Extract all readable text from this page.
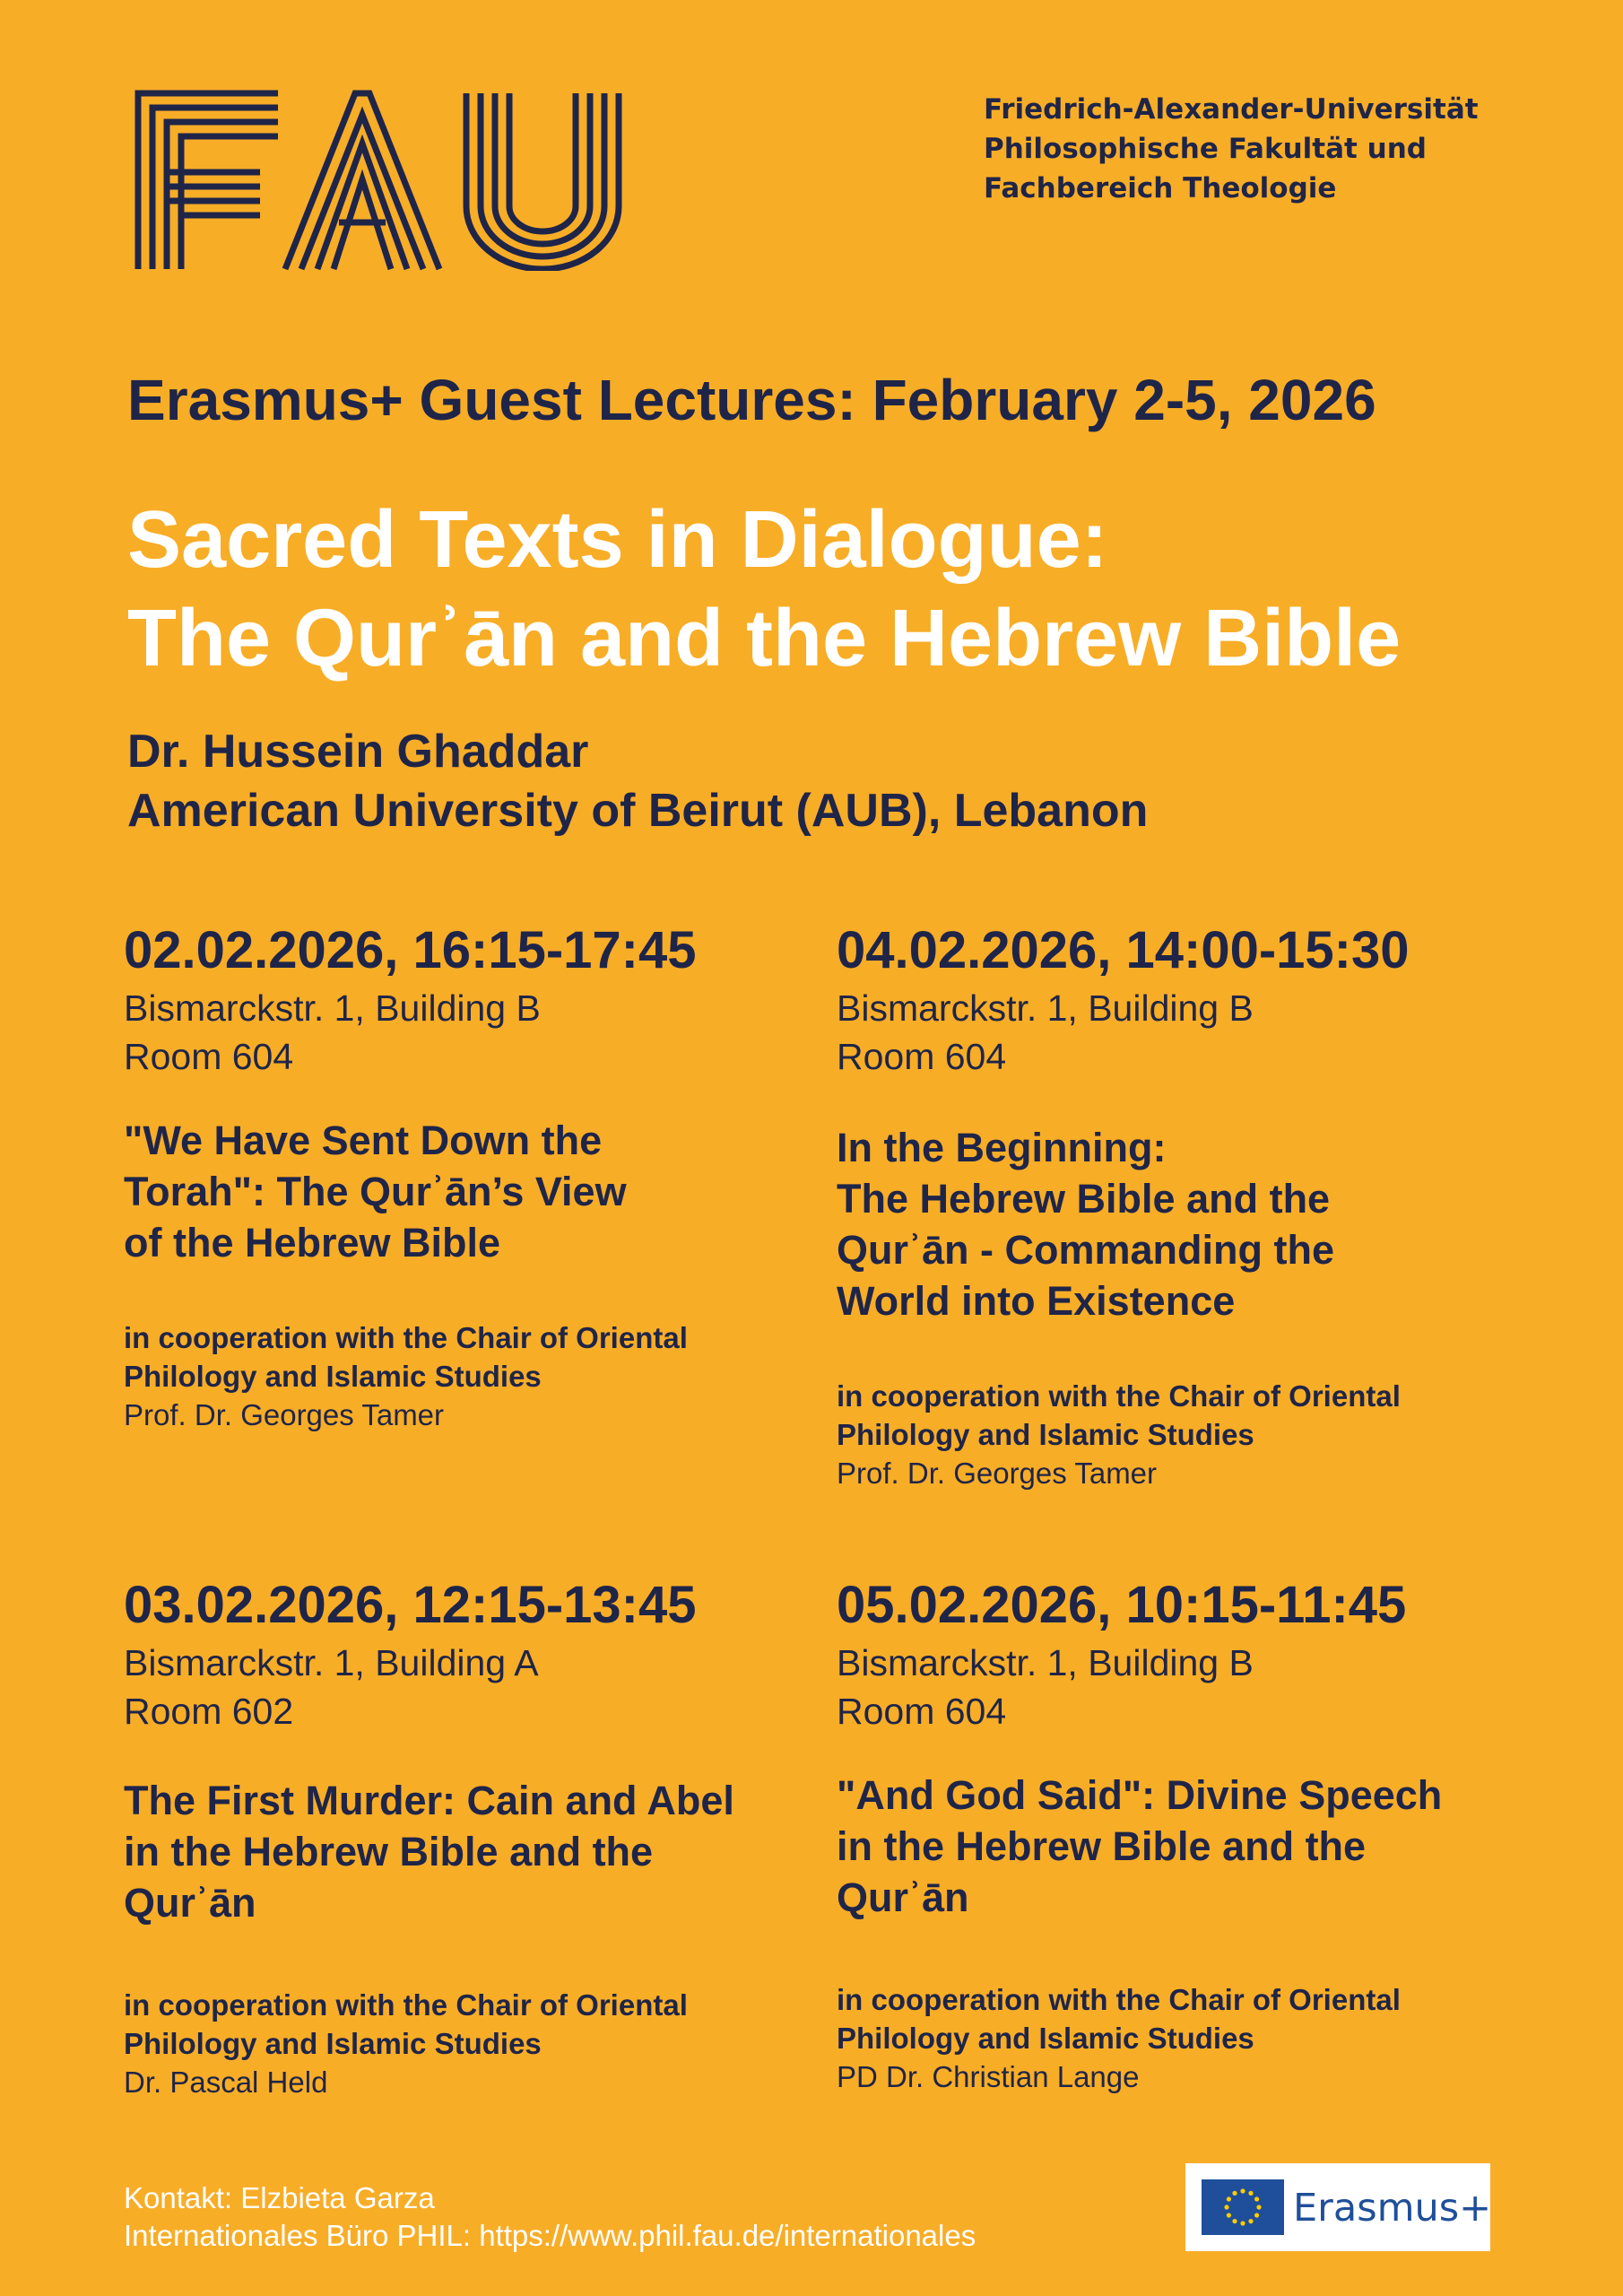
Friedrich-Alexander-Universität
Philosophische Fakultät und
Fachbereich Theologie
Erasmus+ Guest Lectures: February 2-5, 2026
Sacred Texts in Dialogue:
The Qurʾān and the Hebrew Bible
Dr. Hussein Ghaddar
American University of Beirut (AUB), Lebanon
02.02.2026, 16:15-17:45
Bismarckstr. 1, Building B
Room 604
"We Have Sent Down the
Torah": The Qurʾān’s View
of the Hebrew Bible
in cooperation with the Chair of Oriental
Philology and Islamic Studies
Prof. Dr. Georges Tamer
04.02.2026, 14:00-15:30
Bismarckstr. 1, Building B
Room 604
In the Beginning:
The Hebrew Bible and the
Qurʾān - Commanding the
World into Existence
in cooperation with the Chair of Oriental
Philology and Islamic Studies
Prof. Dr. Georges Tamer
03.02.2026, 12:15-13:45
Bismarckstr. 1, Building A
Room 602
The First Murder: Cain and Abel
in the Hebrew Bible and the
Qurʾān
in cooperation with the Chair of Oriental
Philology and Islamic Studies
Dr. Pascal Held
05.02.2026, 10:15-11:45
Bismarckstr. 1, Building B
Room 604
"And God Said": Divine Speech
in the Hebrew Bible and the
Qurʾān
in cooperation with the Chair of Oriental
Philology and Islamic Studies
PD Dr. Christian Lange
Kontakt: Elzbieta Garza
Internationales Büro PHIL: https://www.phil.fau.de/internationales
Erasmus+
